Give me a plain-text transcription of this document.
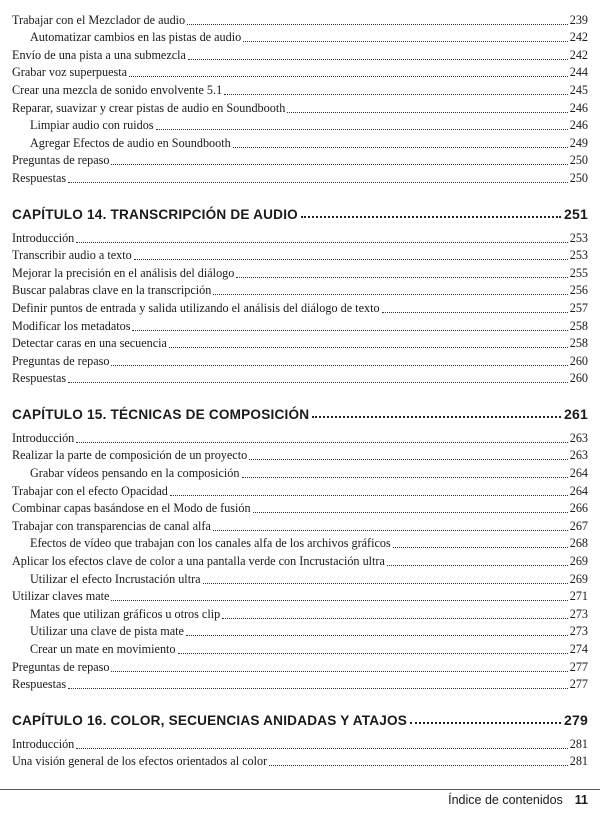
Trabajar con el Mezclador de audio	239
Automatizar cambios en las pistas de audio	242
Envío de una pista a una submezcla	242
Grabar voz superpuesta	244
Crear una mezcla de sonido envolvente 5.1	245
Reparar, suavizar y crear pistas de audio en Soundbooth	246
Limpiar audio con ruidos	246
Agregar Efectos de audio en Soundbooth	249
Preguntas de repaso	250
Respuestas	250
CAPÍTULO 14. TRANSCRIPCIÓN DE AUDIO	251
Introducción	253
Transcribir audio a texto	253
Mejorar la precisión en el análisis del diálogo	255
Buscar palabras clave en la transcripción	256
Definir puntos de entrada y salida utilizando el análisis del diálogo de texto	257
Modificar los metadatos	258
Detectar caras en una secuencia	258
Preguntas de repaso	260
Respuestas	260
CAPÍTULO 15. TÉCNICAS DE COMPOSICIÓN	261
Introducción	263
Realizar la parte de composición de un proyecto	263
Grabar vídeos pensando en la composición	264
Trabajar con el efecto Opacidad	264
Combinar capas basándose en el Modo de fusión	266
Trabajar con transparencias de canal alfa	267
Efectos de vídeo que trabajan con los canales alfa de los archivos gráficos	268
Aplicar los efectos clave de color a una pantalla verde con Incrustación ultra	269
Utilizar el efecto Incrustación ultra	269
Utilizar claves mate	271
Mates que utilizan gráficos u otros clip	273
Utilizar una clave de pista mate	273
Crear un mate en movimiento	274
Preguntas de repaso	277
Respuestas	277
CAPÍTULO 16. COLOR, SECUENCIAS ANIDADAS Y ATAJOS	279
Introducción	281
Una visión general de los efectos orientados al color	281
Índice de contenidos 11
